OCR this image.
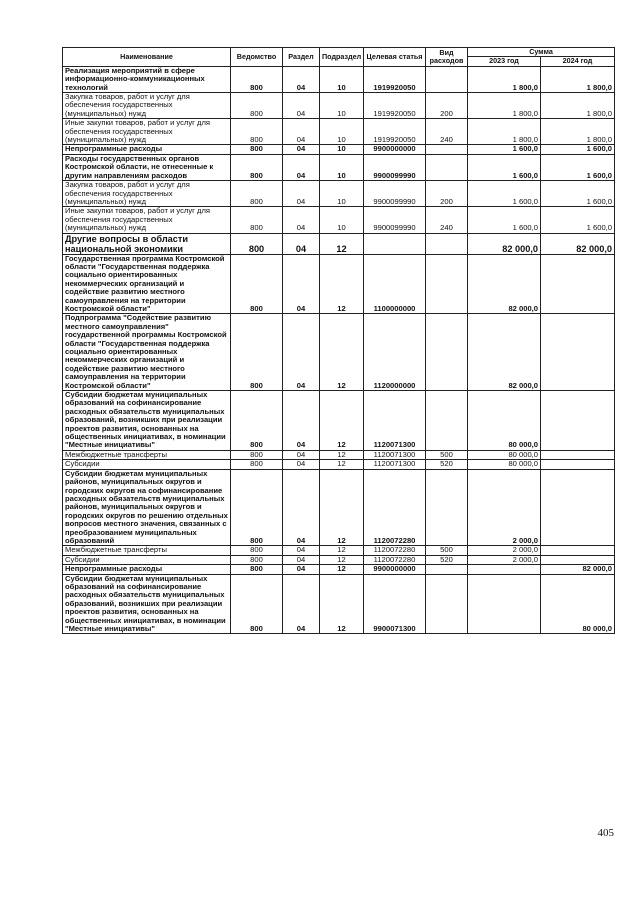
Наименование	Ведомство	Раздел	Подраздел	Целевая статья	Вид расходов	Сумма	
						2023 год	2024 год
Реализация мероприятий в сфере информационно-коммуникационных технологий	800	04	10	1919920050		1 800,0	1 800,0
Закупка товаров, работ и услуг для обеспечения государственных (муниципальных) нужд	800	04	10	1919920050	200	1 800,0	1 800,0
Иные закупки товаров, работ и услуг для обеспечения государственных (муниципальных) нужд	800	04	10	1919920050	240	1 800,0	1 800,0
Непрограммные расходы	800	04	10	9900000000		1 600,0	1 600,0
Расходы государственных органов Костромской области, не отнесенные к другим направлениям расходов	800	04	10	9900099990		1 600,0	1 600,0
Закупка товаров, работ и услуг для обеспечения государственных (муниципальных) нужд	800	04	10	9900099990	200	1 600,0	1 600,0
Иные закупки товаров, работ и услуг для обеспечения государственных (муниципальных) нужд	800	04	10	9900099990	240	1 600,0	1 600,0
Другие вопросы в области национальной экономики	800	04	12			82 000,0	82 000,0
Государственная программа Костромской области "Государственная поддержка социально ориентированных некоммерческих организаций и содействие развитию местного самоуправления на территории Костромской области"	800	04	12	1100000000		82 000,0	
Подпрограмма "Содействие развитию местного самоуправления" государственной программы Костромской области "Государственная поддержка социально ориентированных некоммерческих организаций и содействие развитию местного самоуправления на территории Костромской области"	800	04	12	1120000000		82 000,0	
Субсидии бюджетам муниципальных образований на софинансирование расходных обязательств муниципальных образований, возникших при реализации проектов развития, основанных на общественных инициативах, в номинации "Местные инициативы"	800	04	12	1120071300		80 000,0	
Межбюджетные трансферты	800	04	12	1120071300	500	80 000,0	
Субсидии	800	04	12	1120071300	520	80 000,0	
Субсидии бюджетам муниципальных районов, муниципальных округов и городских округов на софинансирование расходных обязательств муниципальных районов, муниципальных округов и городских округов по решению отдельных вопросов местного значения, связанных с преобразованием муниципальных образований	800	04	12	1120072280		2 000,0	
Межбюджетные трансферты	800	04	12	1120072280	500	2 000,0	
Субсидии	800	04	12	1120072280	520	2 000,0	
Непрограммные расходы	800	04	12	9900000000			82 000,0
Субсидии бюджетам муниципальных образований на софинансирование расходных обязательств муниципальных образований, возникших при реализации проектов развития, основанных на общественных инициативах, в номинации "Местные инициативы"	800	04	12	9900071300			80 000,0
405
